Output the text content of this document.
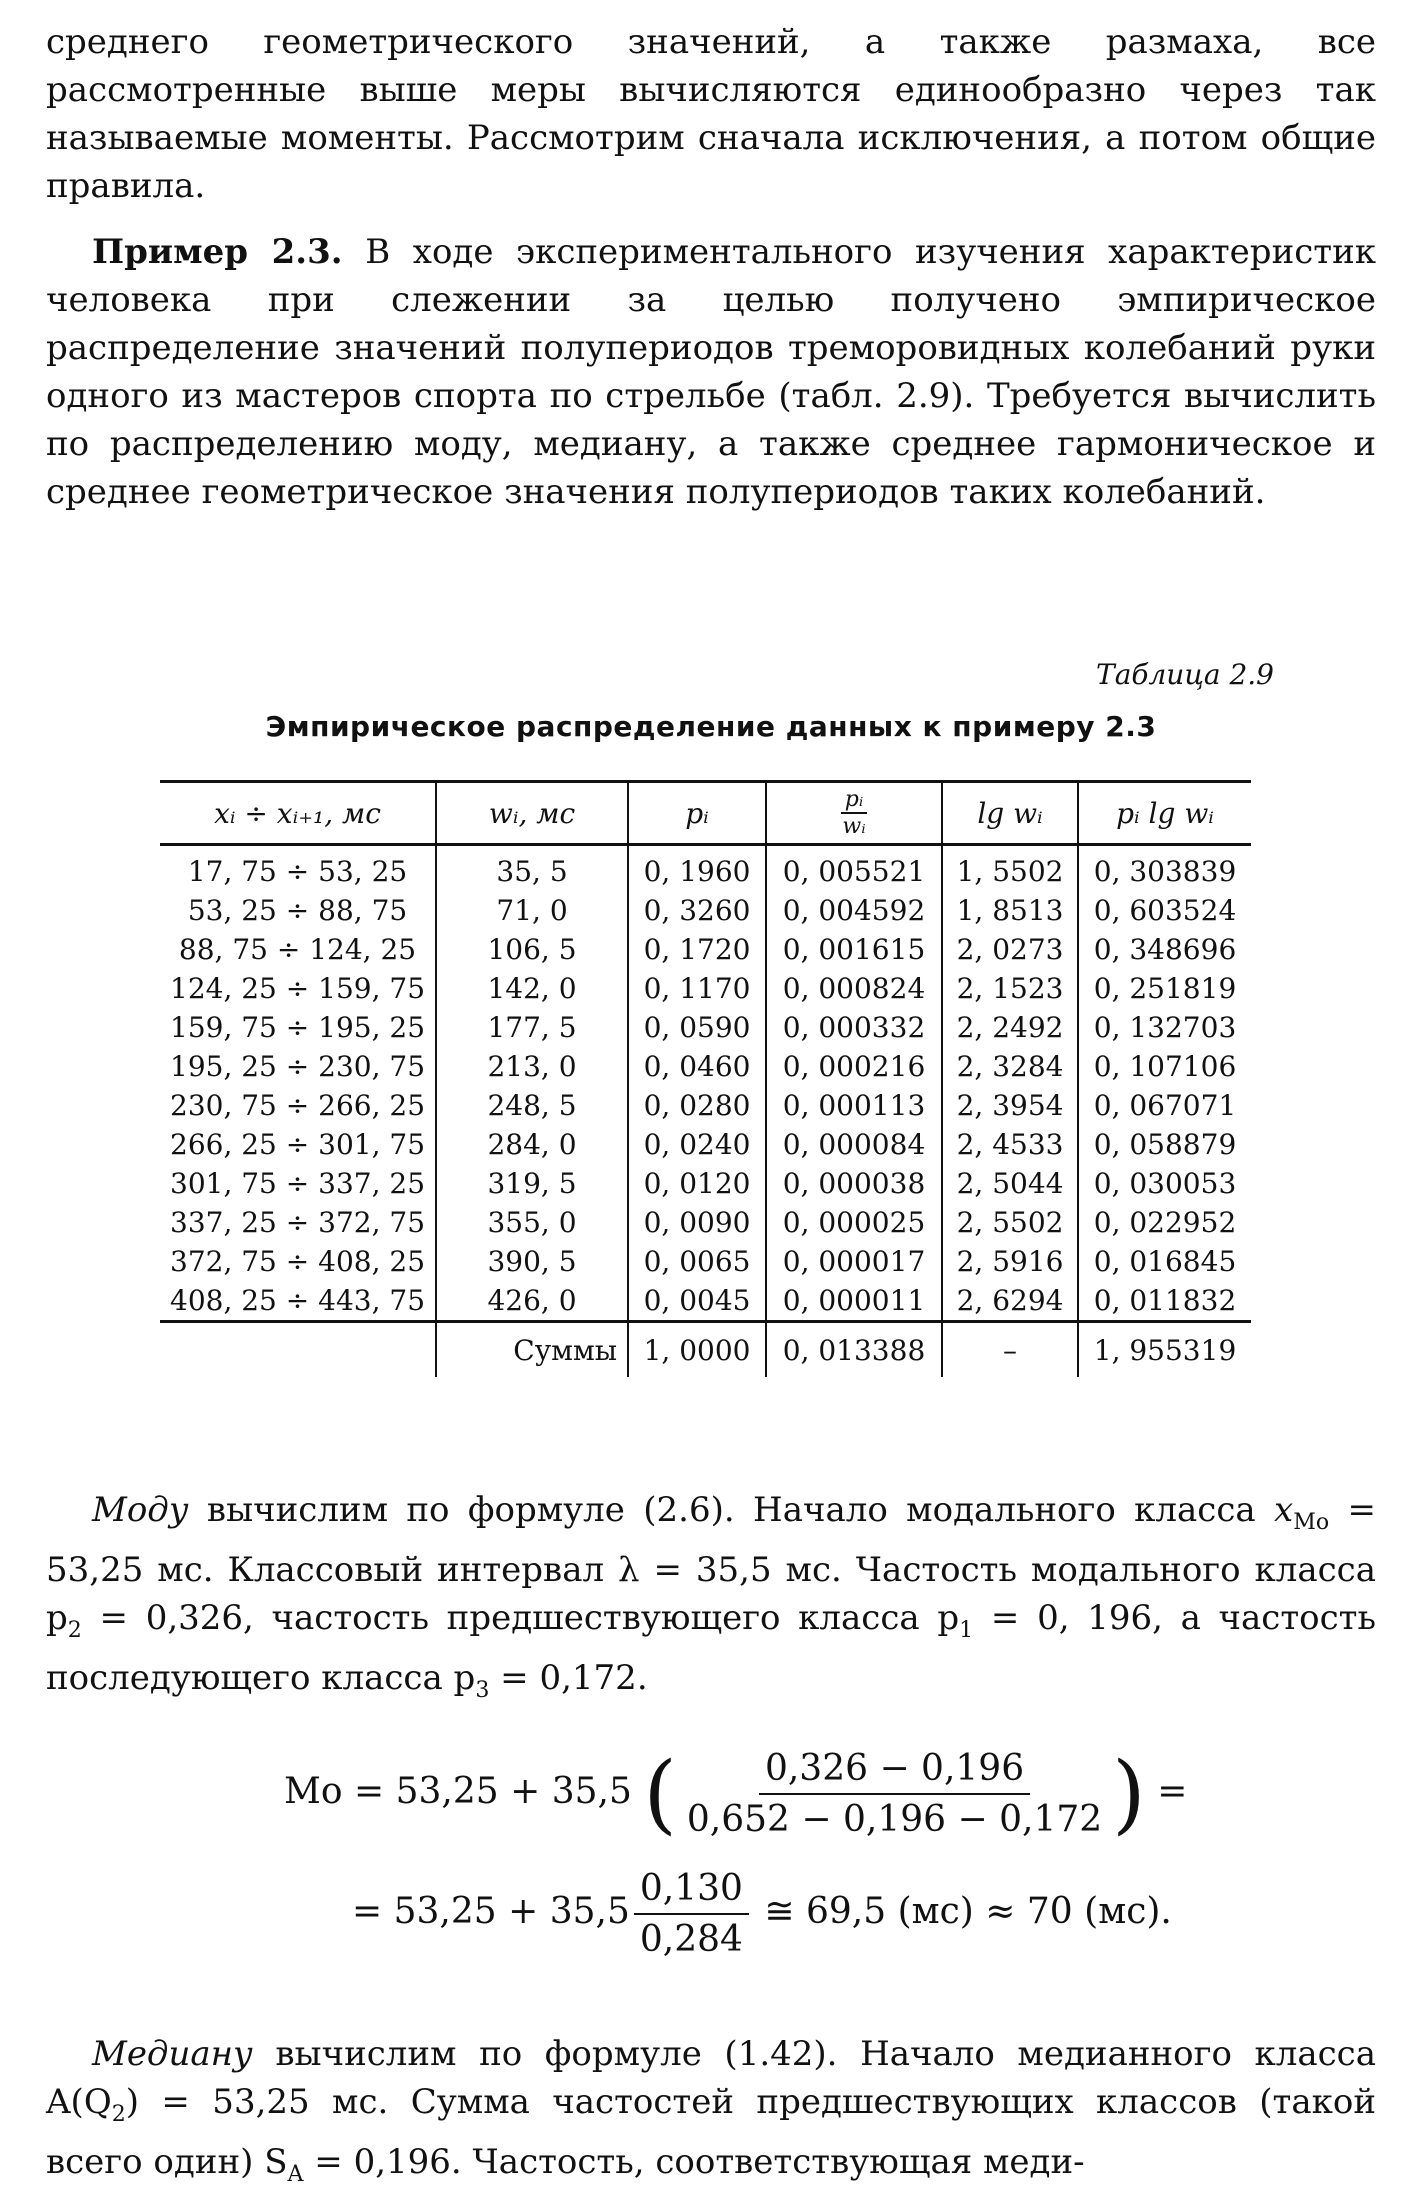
среднего геометрического значений, а также размаха, все рассмотренные выше меры вычисляются единообразно через так называемые моменты. Рассмотрим сначала исключения, а потом общие правила.

Пример 2.3. В ходе экспериментального изучения характеристик человека при слежении за целью получено эмпирическое распределение значений полупериодов треморовидных колебаний руки одного из мастеров спорта по стрельбе (табл. 2.9). Требуется вычислить по распределению моду, медиану, а также среднее гармоническое и среднее геометрическое значения полупериодов таких колебаний.

Таблица 2.9
Эмпирическое распределение данных к примеру 2.3
xᵢ ÷ xᵢ₊₁, мс	wᵢ, мс	pᵢ	$\frac{\text{pᵢ}}{\text{wᵢ}}$	lg wᵢ	pᵢ lg wᵢ
17, 75 ÷ 53, 25	35, 5	0, 1960	0, 005521	1, 5502	0, 303839
53, 25 ÷ 88, 75	71, 0	0, 3260	0, 004592	1, 8513	0, 603524
88, 75 ÷ 124, 25	106, 5	0, 1720	0, 001615	2, 0273	0, 348696
124, 25 ÷ 159, 75	142, 0	0, 1170	0, 000824	2, 1523	0, 251819
159, 75 ÷ 195, 25	177, 5	0, 0590	0, 000332	2, 2492	0, 132703
195, 25 ÷ 230, 75	213, 0	0, 0460	0, 000216	2, 3284	0, 107106
230, 75 ÷ 266, 25	248, 5	0, 0280	0, 000113	2, 3954	0, 067071
266, 25 ÷ 301, 75	284, 0	0, 0240	0, 000084	2, 4533	0, 058879
301, 75 ÷ 337, 25	319, 5	0, 0120	0, 000038	2, 5044	0, 030053
337, 25 ÷ 372, 75	355, 0	0, 0090	0, 000025	2, 5502	0, 022952
372, 75 ÷ 408, 25	390, 5	0, 0065	0, 000017	2, 5916	0, 016845
408, 25 ÷ 443, 75	426, 0	0, 0045	0, 000011	2, 6294	0, 011832
	Суммы	1, 0000	0, 013388	–	1, 955319

Моду вычислим по формуле (2.6). Начало модального класса $x_{Mo} = 53,25$ мс. Классовый интервал λ = 35,5 мс. Частость модального класса $p_2 = 0,326$, частость предшествующего класса $p_1 = 0$, 196, а частость последующего класса $p_3 = 0,172$.

Mo = 53,25 + 35,5 ( $\frac{0,326 - 0,196}{0,652 - 0,196 - 0,172}$ ) =
= $53,25 + 35,5 \frac{0,130}{0,284}$ ≅ 69,5 (мс) ≈ 70 (мс).

Медиану вычислим по формуле (1.42). Начало медианного класса $A(Q_2) = 53,25$ мс. Сумма частостей предшествующих классов (такой всего один) $S_A = 0,196$. Частость, соответствующая меди-
